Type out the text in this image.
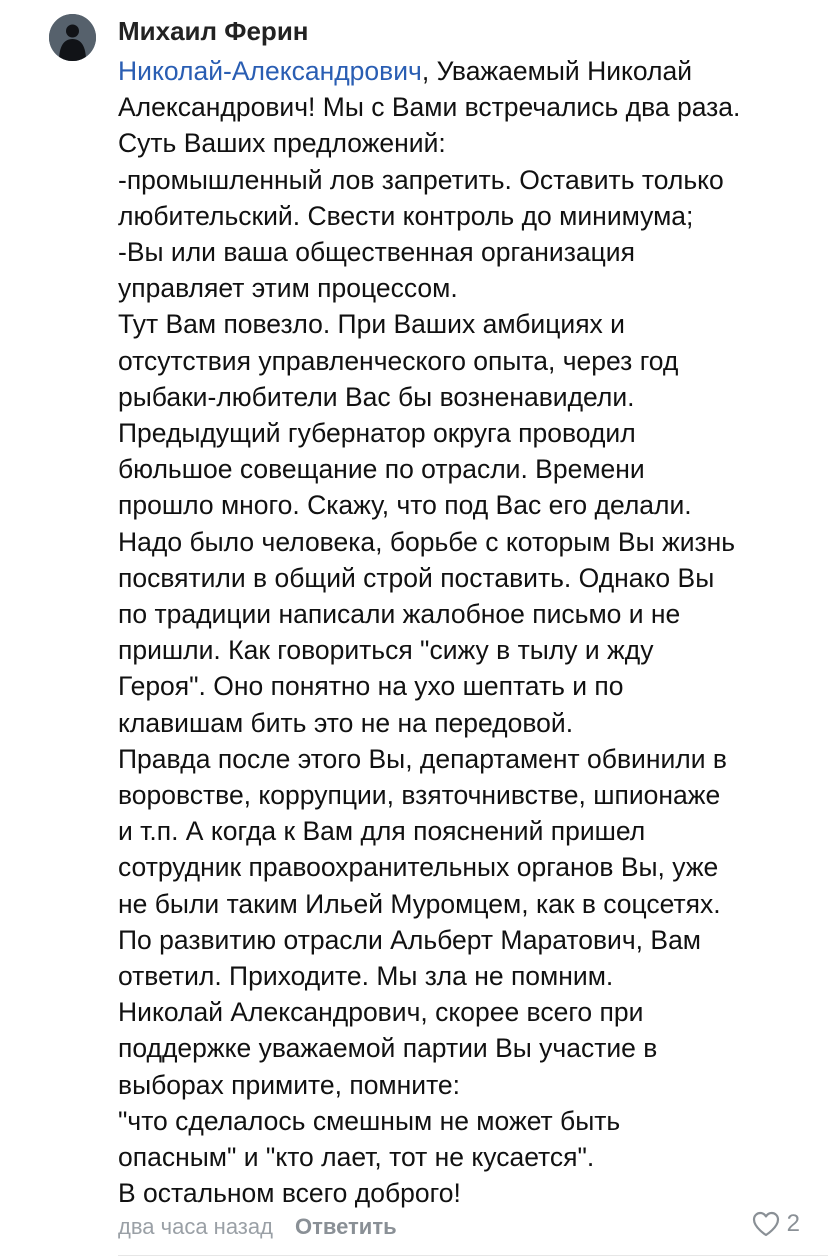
Михаил Ферин
Николай-Александрович, Уважаемый Николай
Александрович! Мы с Вами встречались два раза.
Суть Ваших предложений:
-промышленный лов запретить. Оставить только
любительский. Свести контроль до минимума;
-Вы или ваша общественная организация
управляет этим процессом.
Тут Вам повезло. При Ваших амбициях и
отсутствия управленческого опыта, через год
рыбаки-любители Вас бы возненавидели.
Предыдущий губернатор округа проводил
бюльшое совещание по отрасли. Времени
прошло много. Скажу, что под Вас его делали.
Надо было человека, борьбе с которым Вы жизнь
посвятили в общий строй поставить. Однако Вы
по традиции написали жалобное письмо и не
пришли. Как говориться "сижу в тылу и жду
Героя". Оно понятно на ухо шептать и по
клавишам бить это не на передовой.
Правда после этого Вы, департамент обвинили в
воровстве, коррупции, взяточнивстве, шпионаже
и т.п. А когда к Вам для пояснений пришел
сотрудник правоохранительных органов Вы, уже
не были таким Ильей Муромцем, как в соцсетях.
По развитию отрасли Альберт Маратович, Вам
ответил. Приходите. Мы зла не помним.
Николай Александрович, скорее всего при
поддержке уважаемой партии Вы участие в
выборах примите, помните:
"что сделалось смешным не может быть
опасным" и "кто лает, тот не кусается".
В остальном всего доброго!
два часа назад Ответить	2
